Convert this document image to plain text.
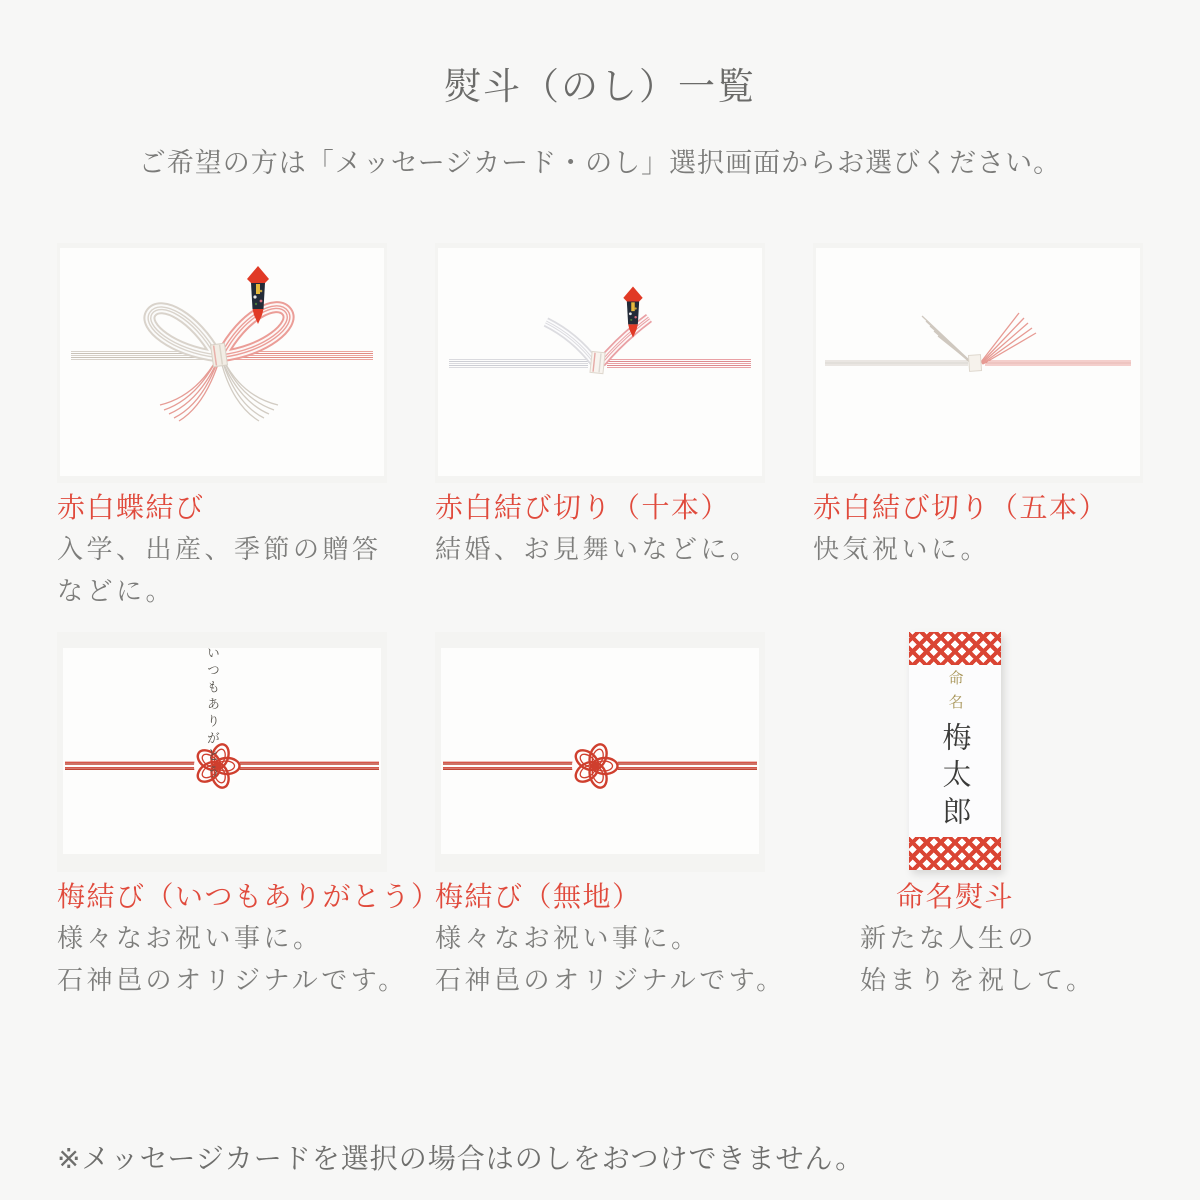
熨斗（のし）一覧

ご希望の方は「メッセージカード・のし」選択画面からお選びください。

赤白蝶結び

入学、出産、季節の贈答
などに。

赤白結び切り（十本）

結婚、お見舞いなどに。

赤白結び切り（五本）

快気祝いに。

いつもありがとう
梅結び（いつもありがとう）

様々なお祝い事に。
石神邑のオリジナルです。

梅結び（無地）

様々なお祝い事に。
石神邑のオリジナルです。

命名
梅太郎
命名熨斗

新たな人生の
始まりを祝して。

※メッセージカードを選択の場合はのしをおつけできません。
